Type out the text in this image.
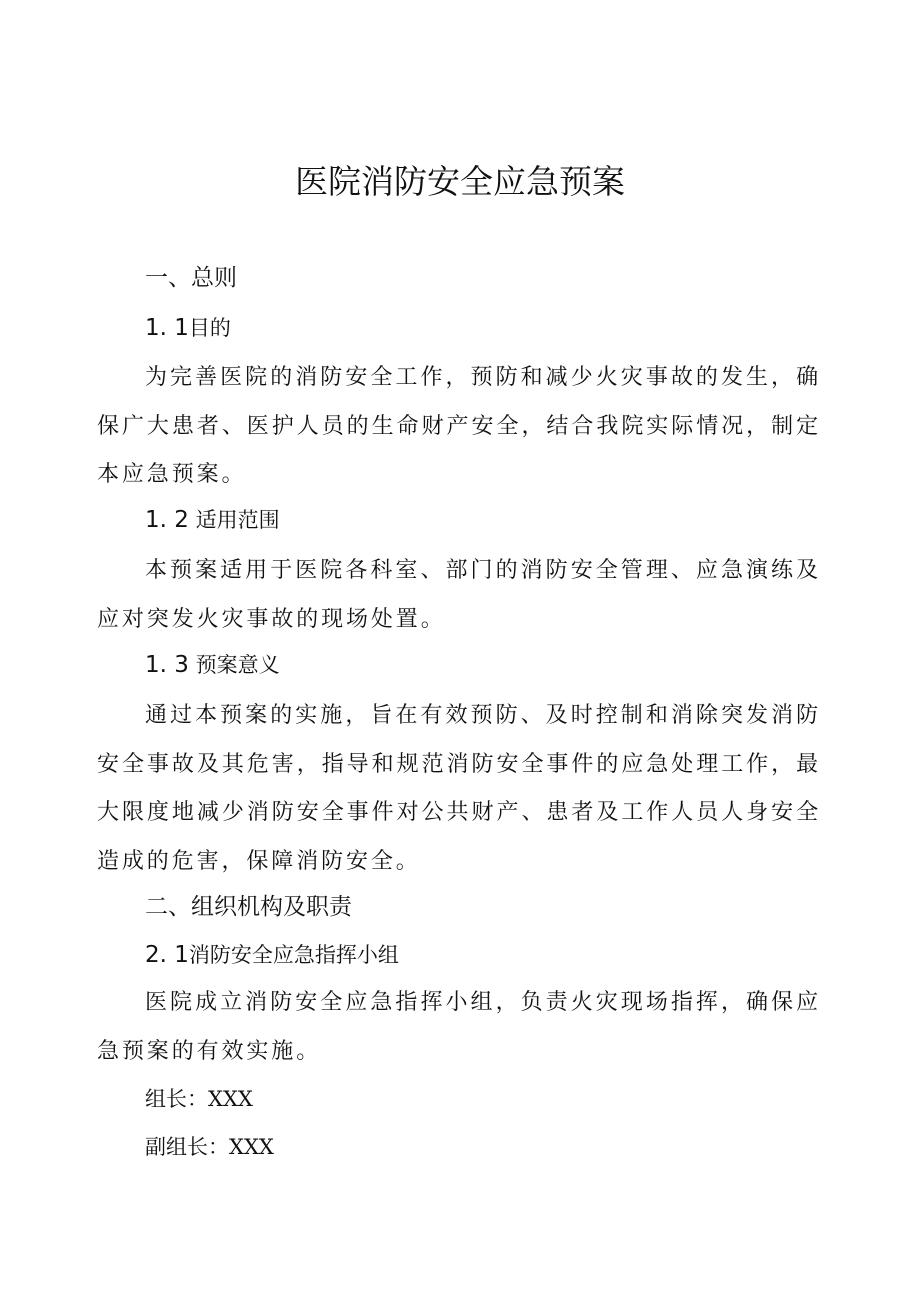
医院消防安全应急预案
一、总则
1. 1目的
为完善医院的消防安全工作，预防和减少火灾事故的发生，确保广大患者、医护人员的生命财产安全，结合我院实际情况，制定本应急预案。
1. 2 适用范围
本预案适用于医院各科室、部门的消防安全管理、应急演练及应对突发火灾事故的现场处置。
1. 3 预案意义
通过本预案的实施，旨在有效预防、及时控制和消除突发消防安全事故及其危害，指导和规范消防安全事件的应急处理工作，最大限度地减少消防安全事件对公共财产、患者及工作人员人身安全造成的危害，保障消防安全。
二、组织机构及职责
2. 1消防安全应急指挥小组
医院成立消防安全应急指挥小组，负责火灾现场指挥，确保应急预案的有效实施。
组长：XXX
副组长：XXX
